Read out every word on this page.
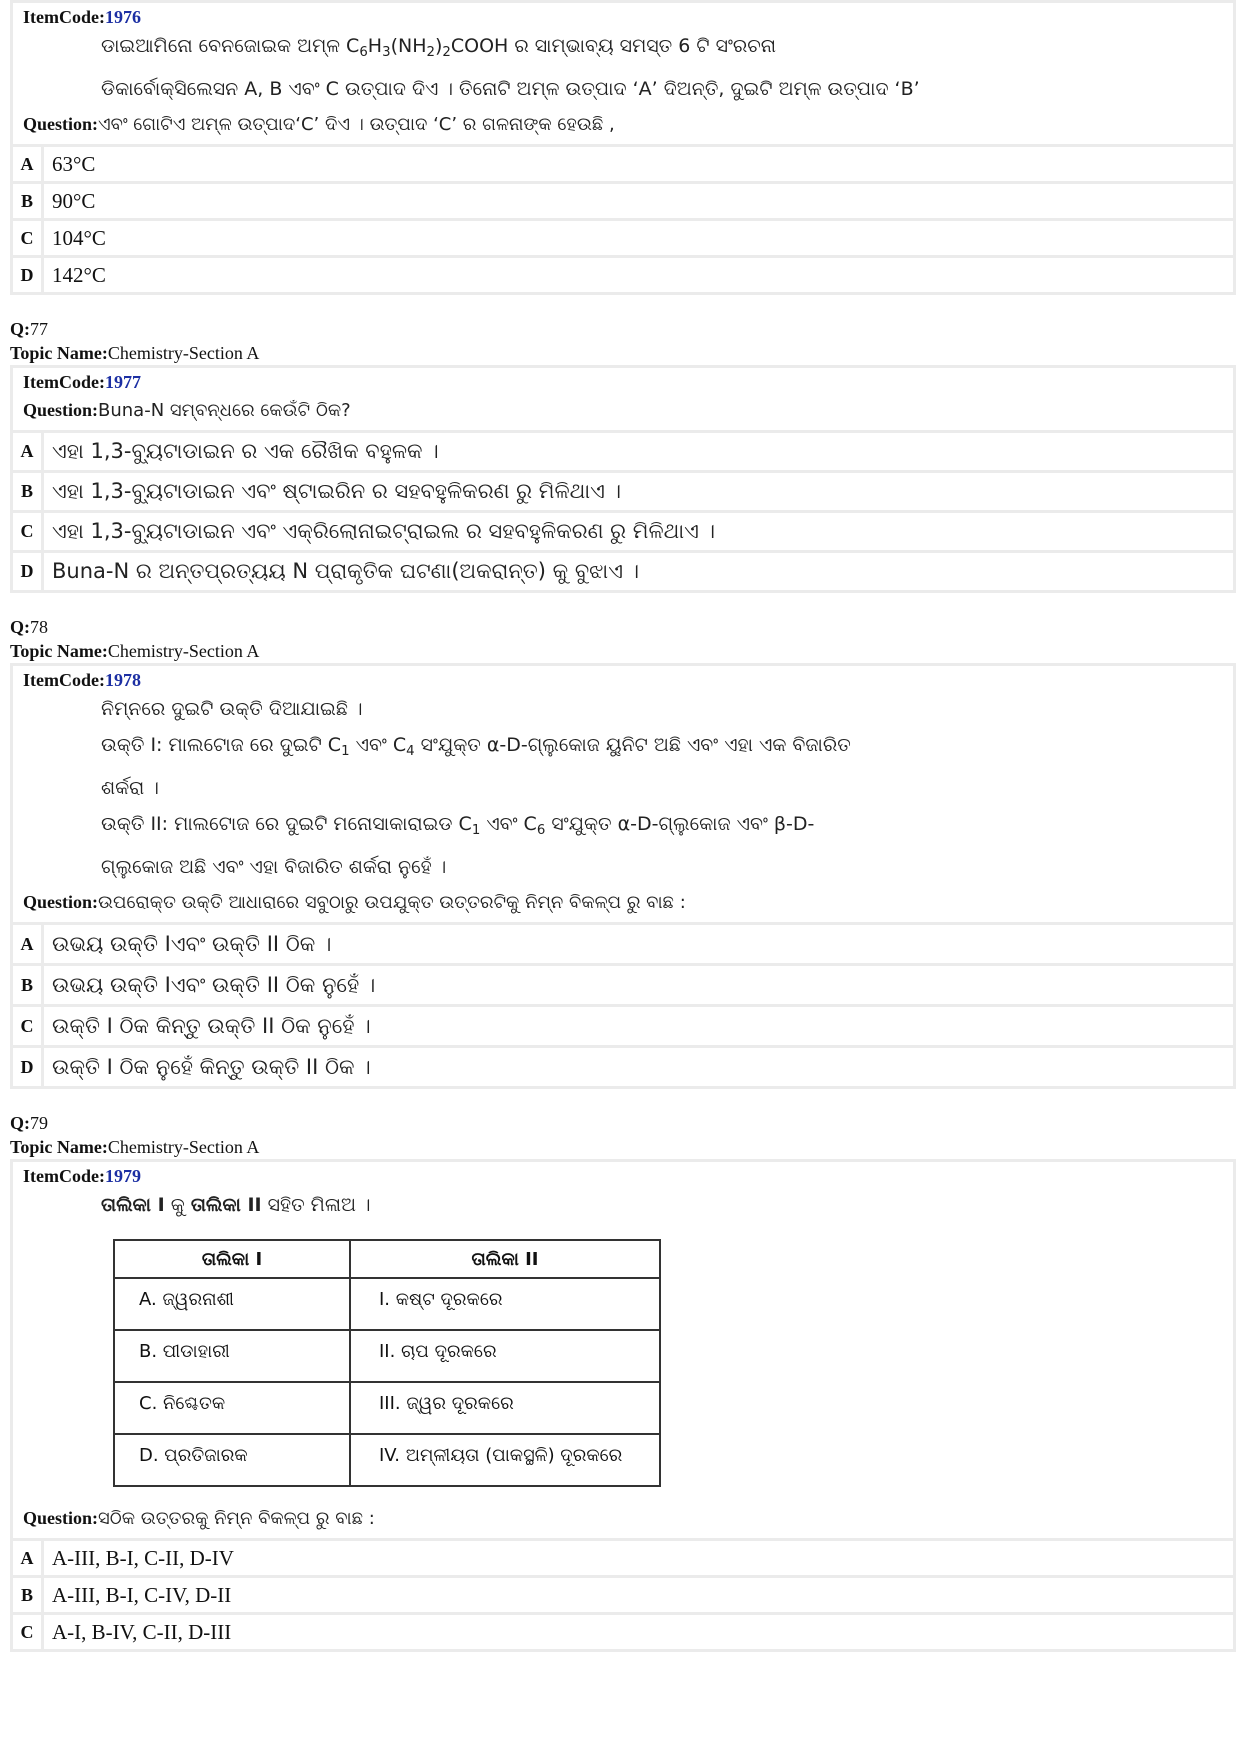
ItemCode:1976
ଡାଇଆମିନୋ ବେନଜୋଇକ ଅମ୍ଳ $C_6H_3(NH_2)_2COOH$ ର ସାମ୍ଭାବ୍ୟ ସମସ୍ତ 6 ଟି ସଂରଚନା
ଡିକାର୍ବୋକ୍ସିଲେସନ A, B ଏବଂ C ଉତ୍ପାଦ ଦିଏ । ତିନୋଟି ଅମ୍ଳ ଉତ୍ପାଦ ‘A’ ଦିଅନ୍ତି, ଦୁଇଟି ଅମ୍ଳ ଉତ୍ପାଦ ‘B’
Question:ଏବଂ ଗୋଟିଏ ଅମ୍ଳ ଉତ୍ପାଦ‘C’ ଦିଏ । ଉତ୍ପାଦ ‘C’ ର ଗଳନାଙ୍କ ହେଉଛି ,
A 63°C
B 90°C
C 104°C
D 142°C
Q:77
Topic Name:Chemistry-Section A
ItemCode:1977
Question:Buna-N ସମ୍ବନ୍ଧରେ କେଉଁଟି ଠିକ?
A ଏହା 1,3-ବ୍ୟୁଟାଡାଇନ ର ଏକ ରୈଖିକ ବହୁଳକ ।
B ଏହା 1,3-ବ୍ୟୁଟାଡାଇନ ଏବଂ ଷ୍ଟାଇରିନ ର ସହବହୁଳିକରଣ ରୁ ମିଳିଥାଏ ।
C ଏହା 1,3-ବ୍ୟୁଟାଡାଇନ ଏବଂ ଏକ୍ରିଲୋନାଇଟ୍ରାଇଲ ର ସହବହୁଳିକରଣ ରୁ ମିଳିଥାଏ ।
D Buna-N ର ଅନ୍ତପ୍ରତ୍ୟୟ N ପ୍ରାକୃତିକ ଘଟଣା(ଅକରାନ୍ତ) କୁ ବୁଝାଏ ।
Q:78
Topic Name:Chemistry-Section A
ItemCode:1978
ନିମ୍ନରେ ଦୁଇଟି ଉକ୍ତି ଦିଆଯାଇଛି ।
ଉକ୍ତି I: ମାଲଟୋଜ ରେ ଦୁଇଟି $C_1$ ଏବଂ $C_4$ ସଂଯୁକ୍ତ α-D-ଗ୍ଲୁକୋଜ ୟୁନିଟ ଅଛି ଏବଂ ଏହା ଏକ ବିଜାରିତ
ଶର୍କରା ।
ଉକ୍ତି II: ମାଲଟୋଜ ରେ ଦୁଇଟି ମନୋସାକାରାଇଡ $C_1$ ଏବଂ $C_6$ ସଂଯୁକ୍ତ α-D-ଗ୍ଲୁକୋଜ ଏବଂ β-D-
ଗ୍ଲୁକୋଜ ଅଛି ଏବଂ ଏହା ବିଜାରିତ ଶର୍କରା ନୁହେଁ ।
Question:ଉପରୋକ୍ତ ଉକ୍ତି ଆଧାରାରେ ସବୁଠାରୁ ଉପଯୁକ୍ତ ଉତ୍ତରଟିକୁ ନିମ୍ନ ବିକଳ୍ପ ରୁ ବାଛ :
A ଉଭୟ ଉକ୍ତି Iଏବଂ ଉକ୍ତି II ଠିକ ।
B ଉଭୟ ଉକ୍ତି Iଏବଂ ଉକ୍ତି II ଠିକ ନୁହେଁ ।
C ଉକ୍ତି I ଠିକ କିନ୍ତୁ ଉକ୍ତି II ଠିକ ନୁହେଁ ।
D ଉକ୍ତି I ଠିକ ନୁହେଁ କିନ୍ତୁ ଉକ୍ତି II ଠିକ ।
Q:79
Topic Name:Chemistry-Section A
ItemCode:1979
ତାଲିକା I କୁ ତାଲିକା II ସହିତ ମିଳାଅ ।
ତାଲିକା I	ତାଲିକା II
A. ଜ୍ୱରନାଶୀ	I. କଷ୍ଟ ଦୂରକରେ
B. ପୀଡାହାରୀ	II. ଚାପ ଦୂରକରେ
C. ନିଶ୍ଚେତକ	III. ଜ୍ୱର ଦୂରକରେ
D. ପ୍ରତିଜାରକ	IV. ଅମ୍ଳୀୟତା (ପାକସ୍ଥଳି) ଦୂରକରେ
Question:ସଠିକ ଉତ୍ତରକୁ ନିମ୍ନ ବିକଳ୍ପ ରୁ ବାଛ :
A A-III, B-I, C-II, D-IV
B A-III, B-I, C-IV, D-II
C A-I, B-IV, C-II, D-III
